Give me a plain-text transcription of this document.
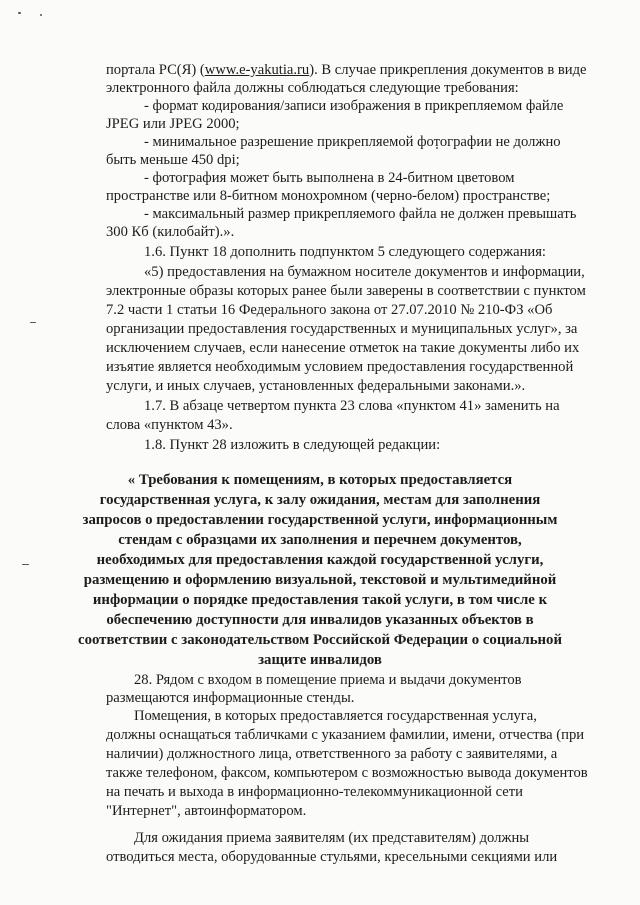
портала РС(Я) (www.e-yakutia.ru). В случае прикрепления документов в виде

электронного файла должны соблюдаться следующие требования:

- формат кодирования/записи изображения в прикрепляемом файле

JPEG или JPEG 2000;

- минимальное разрешение прикрепляемой фотографии не должно

быть меньше 450 dpi;

- фотография может быть выполнена в 24-битном цветовом

пространстве или 8-битном монохромном (черно-белом) пространстве;

- максимальный размер прикрепляемого файла не должен превышать

300 Кб (килобайт).».

1.6. Пункт 18 дополнить подпунктом 5 следующего содержания:

«5) предоставления на бумажном носителе документов и информации,

электронные образы которых ранее были заверены в соответствии с пунктом

7.2 части 1 статьи 16 Федерального закона от 27.07.2010 № 210-ФЗ «Об

организации предоставления государственных и муниципальных услуг», за

исключением случаев, если нанесение отметок на такие документы либо их

изъятие является необходимым условием предоставления государственной

услуги, и иных случаев, установленных федеральными законами.».

1.7. В абзаце четвертом пункта 23 слова «пунктом 41» заменить на

слова «пунктом 43».

1.8. Пункт 28 изложить в следующей редакции:

« Требования к помещениям, в которых предоставляется

государственная услуга, к залу ожидания, местам для заполнения

запросов о предоставлении государственной услуги, информационным

стендам с образцами их заполнения и перечнем документов,

необходимых для предоставления каждой государственной услуги,

размещению и оформлению визуальной, текстовой и мультимедийной

информации о порядке предоставления такой услуги, в том числе к

обеспечению доступности для инвалидов указанных объектов в

соответствии с законодательством Российской Федерации о социальной

защите инвалидов

28. Рядом с входом в помещение приема и выдачи документов

размещаются информационные стенды.

Помещения, в которых предоставляется государственная услуга,

должны оснащаться табличками с указанием фамилии, имени, отчества (при

наличии) должностного лица, ответственного за работу с заявителями, а

также телефоном, факсом, компьютером с возможностью вывода документов

на печать и выхода в информационно-телекоммуникационной сети

"Интернет", автоинформатором.

Для ожидания приема заявителям (их представителям) должны

отводиться места, оборудованные стульями, кресельными секциями или
